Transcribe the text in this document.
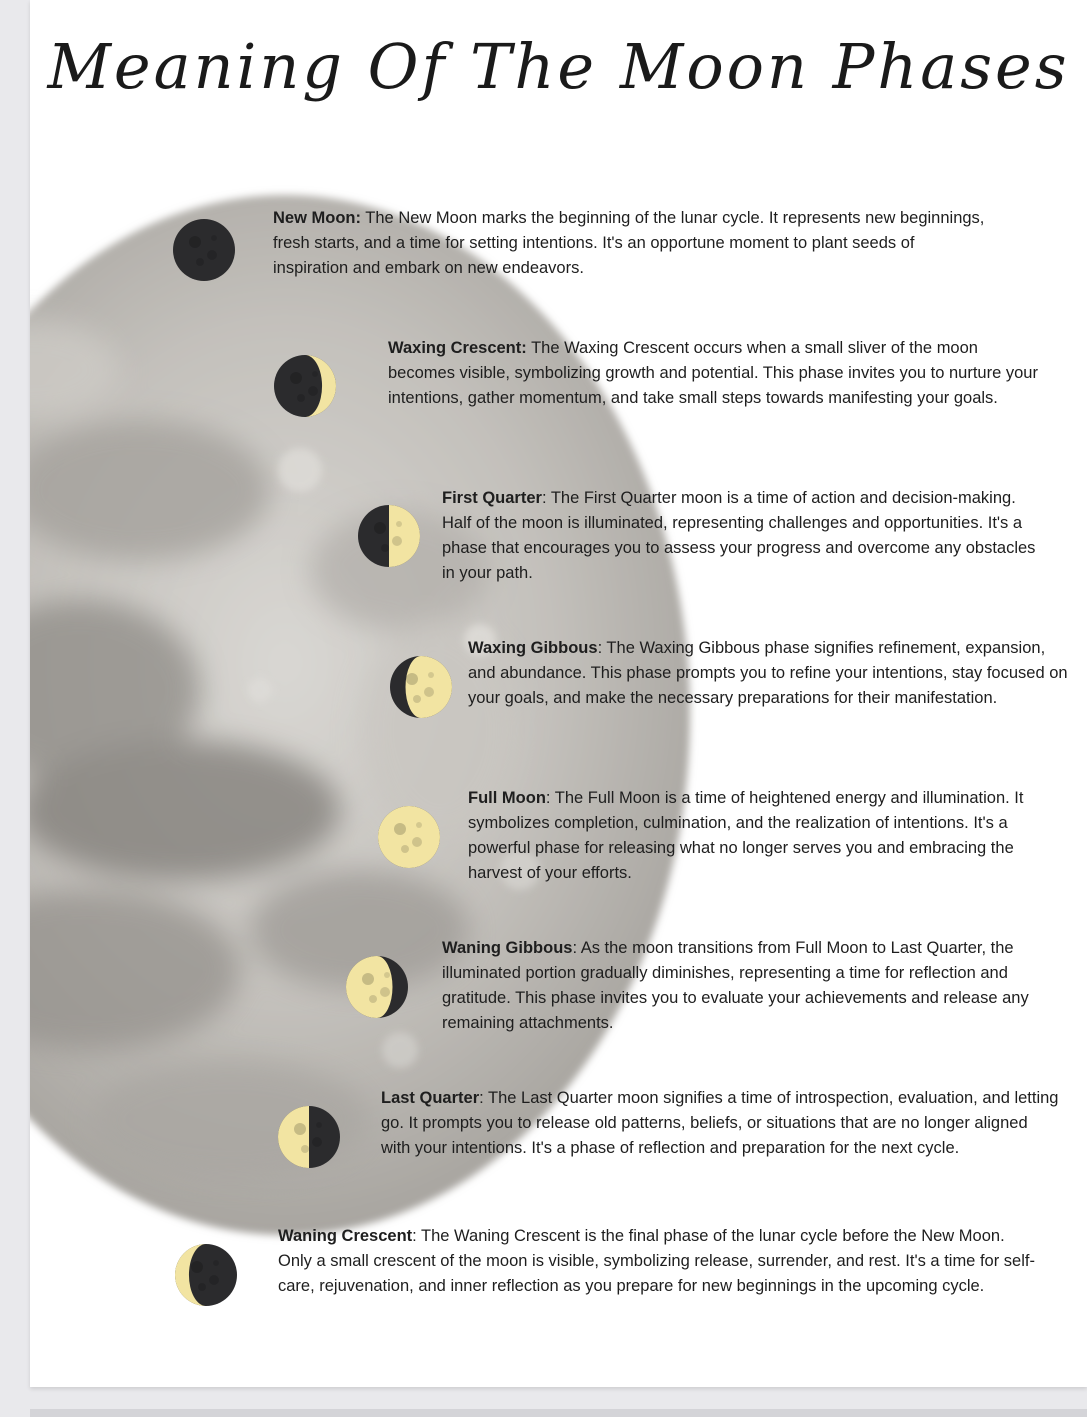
Meaning Of The Moon Phases
New Moon: The New Moon marks the beginning of the lunar cycle. It represents new beginnings, fresh starts, and a time for setting intentions. It's an opportune moment to plant seeds of inspiration and embark on new endeavors.
Waxing Crescent: The Waxing Crescent occurs when a small sliver of the moon becomes visible, symbolizing growth and potential. This phase invites you to nurture your intentions, gather momentum, and take small steps towards manifesting your goals.
First Quarter: The First Quarter moon is a time of action and decision-making. Half of the moon is illuminated, representing challenges and opportunities. It's a phase that encourages you to assess your progress and overcome any obstacles in your path.
Waxing Gibbous: The Waxing Gibbous phase signifies refinement, expansion, and abundance. This phase prompts you to refine your intentions, stay focused on your goals, and make the necessary preparations for their manifestation.
Full Moon: The Full Moon is a time of heightened energy and illumination. It symbolizes completion, culmination, and the realization of intentions. It's a powerful phase for releasing what no longer serves you and embracing the harvest of your efforts.
Waning Gibbous: As the moon transitions from Full Moon to Last Quarter, the illuminated portion gradually diminishes, representing a time for reflection and gratitude. This phase invites you to evaluate your achievements and release any remaining attachments.
Last Quarter: The Last Quarter moon signifies a time of introspection, evaluation, and letting go. It prompts you to release old patterns, beliefs, or situations that are no longer aligned with your intentions. It's a phase of reflection and preparation for the next cycle.
Waning Crescent: The Waning Crescent is the final phase of the lunar cycle before the New Moon. Only a small crescent of the moon is visible, symbolizing release, surrender, and rest. It's a time for self-care, rejuvenation, and inner reflection as you prepare for new beginnings in the upcoming cycle.
